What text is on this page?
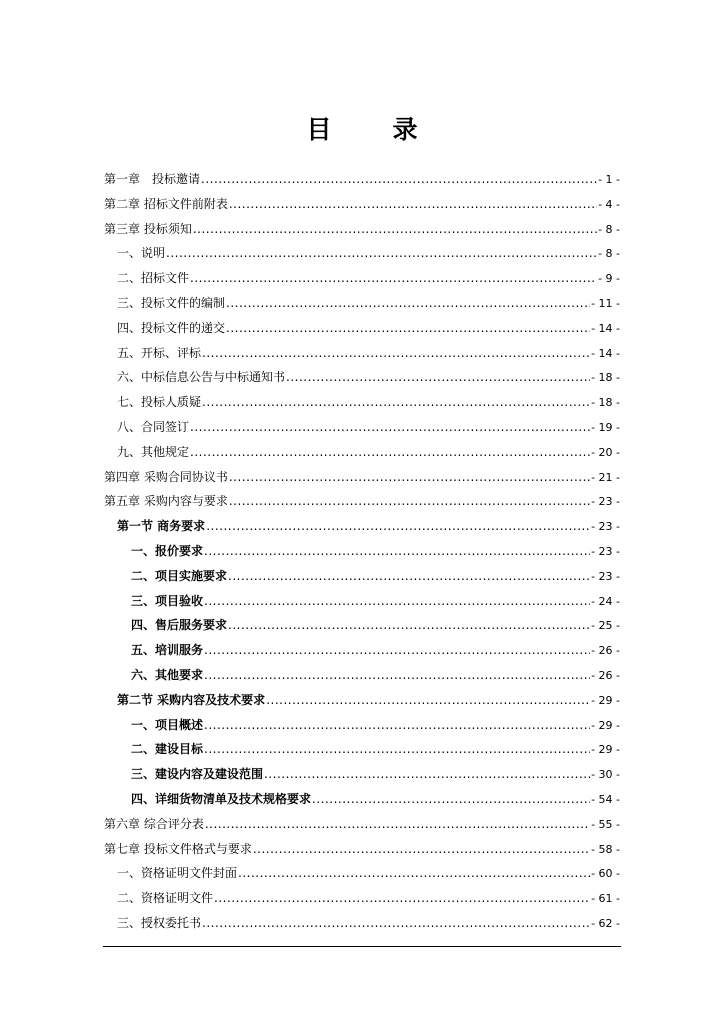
目　录
第一章　投标邀请 .....	- 1 -
第二章 招标文件前附表 .....	- 4 -
第三章 投标须知 .....	- 8 -
一、说明 .....	- 8 -
二、招标文件 .....	- 9 -
三、投标文件的编制 .....	- 11 -
四、投标文件的递交 .....	- 14 -
五、开标、评标 .....	- 14 -
六、中标信息公告与中标通知书 .....	- 18 -
七、投标人质疑 .....	- 18 -
八、合同签订 .....	- 19 -
九、其他规定 .....	- 20 -
第四章 采购合同协议书 .....	- 21 -
第五章 采购内容与要求 .....	- 23 -
第一节 商务要求 .....	- 23 -
一、报价要求 .....	- 23 -
二、项目实施要求 .....	- 23 -
三、项目验收 .....	- 24 -
四、售后服务要求 .....	- 25 -
五、培训服务 .....	- 26 -
六、其他要求 .....	- 26 -
第二节 采购内容及技术要求 .....	- 29 -
一、项目概述 .....	- 29 -
二、建设目标 .....	- 29 -
三、建设内容及建设范围 .....	- 30 -
四、详细货物清单及技术规格要求 .....	- 54 -
第六章 综合评分表 .....	- 55 -
第七章 投标文件格式与要求 .....	- 58 -
一、资格证明文件封面 .....	- 60 -
二、资格证明文件 .....	- 61 -
三、授权委托书 .....	- 62 -
